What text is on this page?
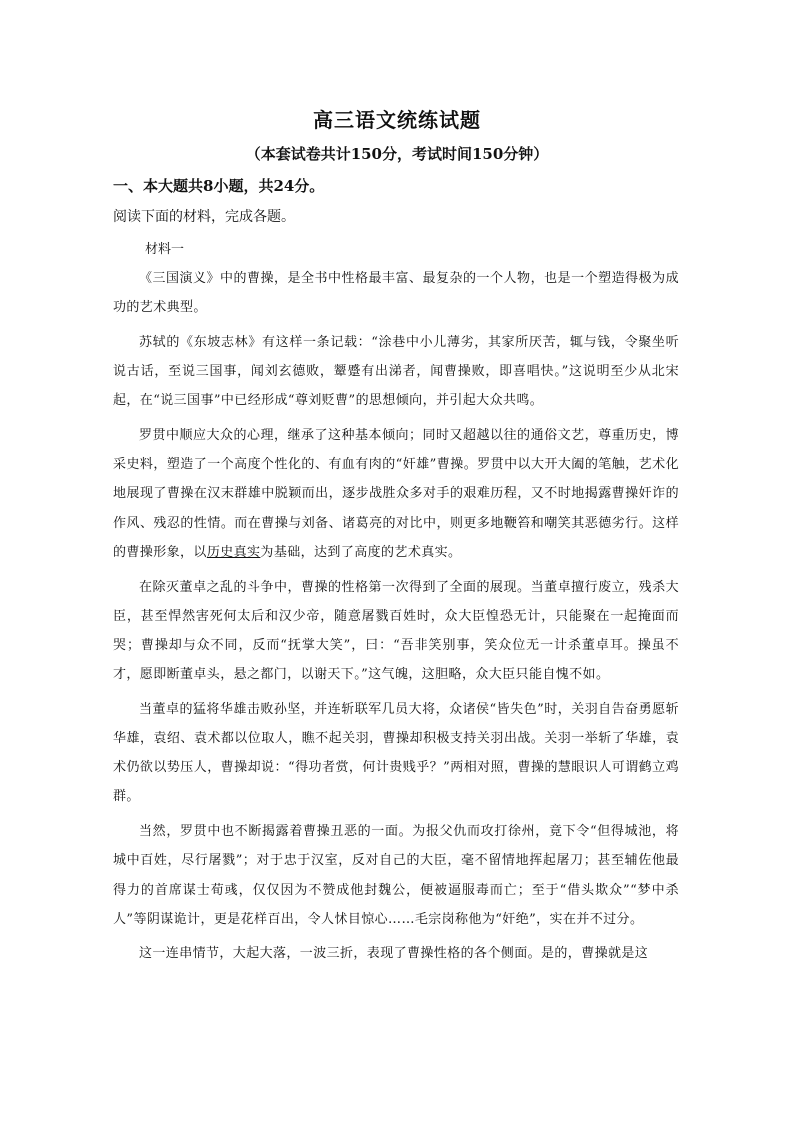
高三语文统练试题
（本套试卷共计150分，考试时间150分钟）
一、本大题共8小题，共24分。
阅读下面的材料，完成各题。
材料一

《三国演义》中的曹操，是全书中性格最丰富、最复杂的一个人物，也是一个塑造得极为成功的艺术典型。

苏轼的《东坡志林》有这样一条记载：“涂巷中小儿薄劣，其家所厌苦，辄与钱，令聚坐听说古话，至说三国事，闻刘玄德败，颦蹙有出涕者，闻曹操败，即喜唱快。”这说明至少从北宋起，在“说三国事”中已经形成“尊刘贬曹”的思想倾向，并引起大众共鸣。

罗贯中顺应大众的心理，继承了这种基本倾向；同时又超越以往的通俗文艺，尊重历史，博采史料，塑造了一个高度个性化的、有血有肉的“奸雄”曹操。罗贯中以大开大阖的笔触，艺术化地展现了曹操在汉末群雄中脱颖而出，逐步战胜众多对手的艰难历程，又不时地揭露曹操奸诈的作风、残忍的性情。而在曹操与刘备、诸葛亮的对比中，则更多地鞭笞和嘲笑其恶德劣行。这样的曹操形象，以历史真实为基础，达到了高度的艺术真实。

在除灭董卓之乱的斗争中，曹操的性格第一次得到了全面的展现。当董卓擅行废立，残杀大臣，甚至悍然害死何太后和汉少帝，随意屠戮百姓时，众大臣惶恐无计，只能聚在一起掩面而哭；曹操却与众不同，反而“抚掌大笑”，曰：“吾非笑别事，笑众位无一计杀董卓耳。操虽不才，愿即断董卓头，悬之都门，以谢天下。”这气魄，这胆略，众大臣只能自愧不如。

当董卓的猛将华雄击败孙坚，并连斩联军几员大将，众诸侯“皆失色”时，关羽自告奋勇愿斩华雄，袁绍、袁术都以位取人，瞧不起关羽，曹操却积极支持关羽出战。关羽一举斩了华雄，袁术仍欲以势压人，曹操却说：“得功者赏，何计贵贱乎？”两相对照，曹操的慧眼识人可谓鹤立鸡群。

当然，罗贯中也不断揭露着曹操丑恶的一面。为报父仇而攻打徐州，竟下令“但得城池，将城中百姓，尽行屠戮”；对于忠于汉室，反对自己的大臣，毫不留情地挥起屠刀；甚至辅佐他最得力的首席谋士荀彧，仅仅因为不赞成他封魏公，便被逼服毒而亡；至于“借头欺众”“梦中杀人”等阴谋诡计，更是花样百出，令人怵目惊心……毛宗岗称他为“奸绝”，实在并不过分。

这一连串情节，大起大落，一波三折，表现了曹操性格的各个侧面。是的，曹操就是这
